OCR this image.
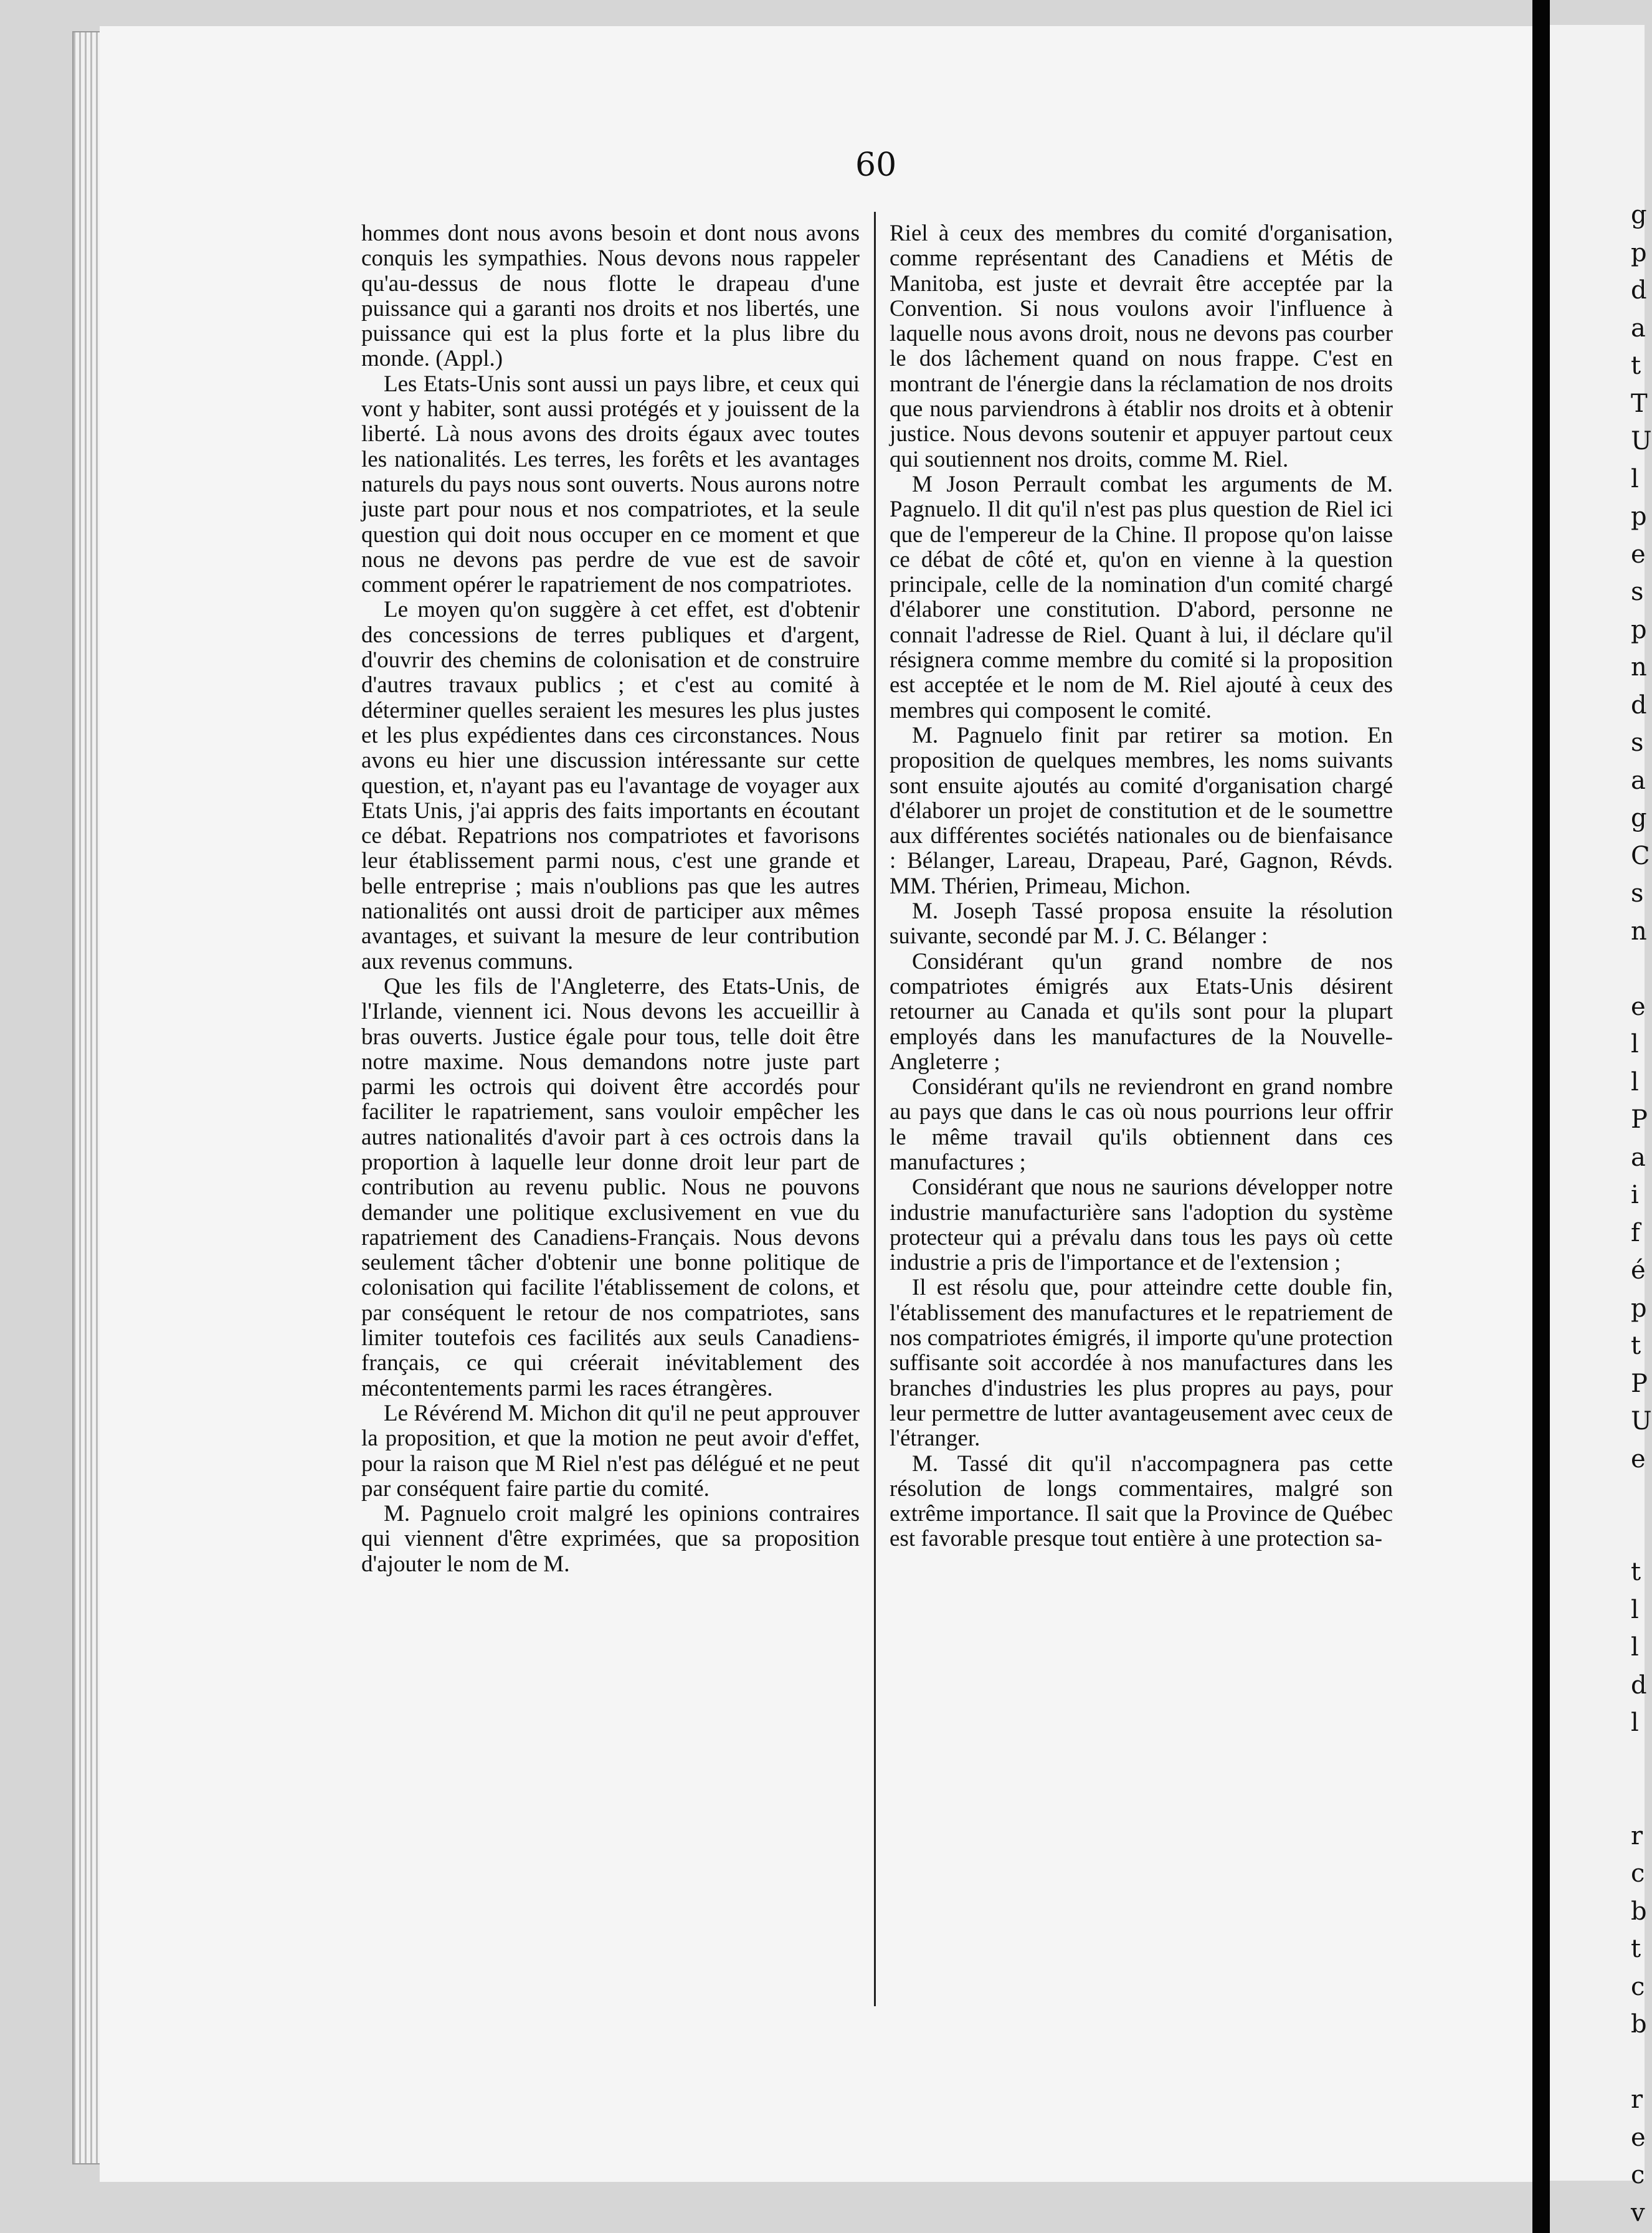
g
p
d
a
t
T
U
l
p
e
s
p
n
d
s
a
g
C
s
n

e
l
l
P
a
i
f
é
p
t
P
U
e

t
l
l
d
l

r
c
b
t
c
b

r
e
c
v
60

hommes dont nous avons besoin et dont nous avons conquis les sympathies. Nous devons nous rappeler qu'au-dessus de nous flotte le drapeau d'une puissance qui a garanti nos droits et nos libertés, une puissance qui est la plus forte et la plus libre du monde. (Appl.)

Les Etats-Unis sont aussi un pays libre, et ceux qui vont y habiter, sont aussi protégés et y jouissent de la liberté. Là nous avons des droits égaux avec toutes les nationalités. Les terres, les forêts et les avantages naturels du pays nous sont ouverts. Nous aurons notre juste part pour nous et nos compatriotes, et la seule question qui doit nous occuper en ce moment et que nous ne devons pas perdre de vue est de savoir comment opérer le rapatriement de nos compatriotes.

Le moyen qu'on suggère à cet effet, est d'obtenir des concessions de terres publiques et d'argent, d'ouvrir des chemins de colonisation et de construire d'autres travaux publics ; et c'est au comité à déterminer quelles seraient les mesures les plus justes et les plus expédientes dans ces circonstances. Nous avons eu hier une discussion intéressante sur cette question, et, n'ayant pas eu l'avantage de voyager aux Etats Unis, j'ai appris des faits importants en écoutant ce débat. Repatrions nos compatriotes et favorisons leur établissement parmi nous, c'est une grande et belle entreprise ; mais n'oublions pas que les autres nationalités ont aussi droit de participer aux mêmes avantages, et suivant la mesure de leur contribution aux revenus communs.

Que les fils de l'Angleterre, des Etats-Unis, de l'Irlande, viennent ici. Nous devons les accueillir à bras ouverts. Justice égale pour tous, telle doit être notre maxime. Nous demandons notre juste part parmi les octrois qui doivent être accordés pour faciliter le rapatriement, sans vouloir empêcher les autres nationalités d'avoir part à ces octrois dans la proportion à laquelle leur donne droit leur part de contribution au revenu public. Nous ne pouvons demander une politique exclusivement en vue du rapatriement des Canadiens-Français. Nous devons seulement tâcher d'obtenir une bonne politique de colonisation qui facilite l'établissement de colons, et par conséquent le retour de nos compatriotes, sans limiter toutefois ces facilités aux seuls Canadiens-français, ce qui créerait inévitablement des mécontentements parmi les races étrangères.

Le Révérend M. Michon dit qu'il ne peut approuver la proposition, et que la motion ne peut avoir d'effet, pour la raison que M Riel n'est pas délégué et ne peut par conséquent faire partie du comité.

M. Pagnuelo croit malgré les opinions contraires qui viennent d'être exprimées, que sa proposition d'ajouter le nom de M.

Riel à ceux des membres du comité d'organisation, comme représentant des Canadiens et Métis de Manitoba, est juste et devrait être acceptée par la Convention. Si nous voulons avoir l'influence à laquelle nous avons droit, nous ne devons pas courber le dos lâchement quand on nous frappe. C'est en montrant de l'énergie dans la réclamation de nos droits que nous parviendrons à établir nos droits et à obtenir justice. Nous devons soutenir et appuyer partout ceux qui soutiennent nos droits, comme M. Riel.

M Joson Perrault combat les arguments de M. Pagnuelo. Il dit qu'il n'est pas plus question de Riel ici que de l'empereur de la Chine. Il propose qu'on laisse ce débat de côté et, qu'on en vienne à la question principale, celle de la nomination d'un comité chargé d'élaborer une constitution. D'abord, personne ne connait l'adresse de Riel. Quant à lui, il déclare qu'il résignera comme membre du comité si la proposition est acceptée et le nom de M. Riel ajouté à ceux des membres qui composent le comité.

M. Pagnuelo finit par retirer sa motion. En proposition de quelques membres, les noms suivants sont ensuite ajoutés au comité d'organisation chargé d'élaborer un projet de constitution et de le soumettre aux différentes sociétés nationales ou de bienfaisance : Bélanger, Lareau, Drapeau, Paré, Gagnon, Révds. MM. Thérien, Primeau, Michon.

M. Joseph Tassé proposa ensuite la résolution suivante, secondé par M. J. C. Bélanger :

Considérant qu'un grand nombre de nos compatriotes émigrés aux Etats-Unis désirent retourner au Canada et qu'ils sont pour la plupart employés dans les manufactures de la Nouvelle-Angleterre ;

Considérant qu'ils ne reviendront en grand nombre au pays que dans le cas où nous pourrions leur offrir le même travail qu'ils obtiennent dans ces manufactures ;

Considérant que nous ne saurions développer notre industrie manufacturière sans l'adoption du système protecteur qui a prévalu dans tous les pays où cette industrie a pris de l'importance et de l'extension ;

Il est résolu que, pour atteindre cette double fin, l'établissement des manufactures et le repatriement de nos compatriotes émigrés, il importe qu'une protection suffisante soit accordée à nos manufactures dans les branches d'industries les plus propres au pays, pour leur permettre de lutter avantageusement avec ceux de l'étranger.

M. Tassé dit qu'il n'accompagnera pas cette résolution de longs commentaires, malgré son extrême importance. Il sait que la Province de Québec est favorable presque tout entière à une protection sa-
